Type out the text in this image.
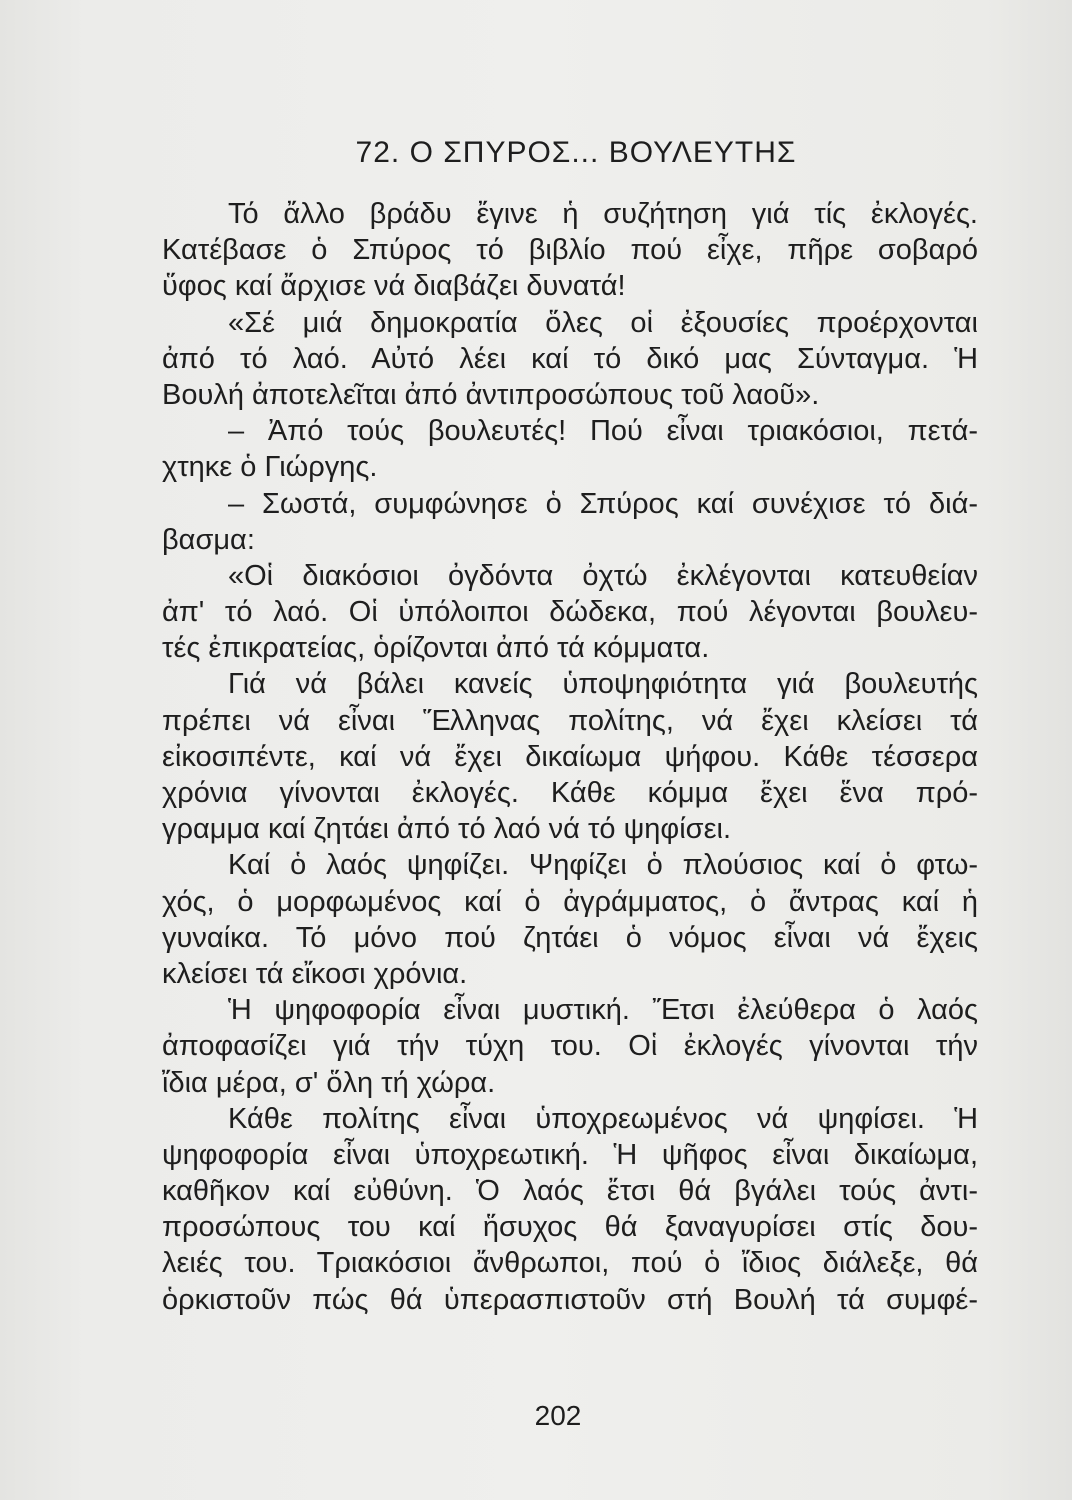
72. Ο ΣΠΥΡΟΣ... ΒΟΥΛΕΥΤΗΣ
Τό ἄλλο βράδυ ἔγινε ἡ συζήτηση γιά τίς ἐκλογές.
Κατέβασε ὁ Σπύρος τό βιβλίο πού εἶχε, πῆρε σοβαρό
ὕφος καί ἄρχισε νά διαβάζει δυνατά!
«Σέ μιά δημοκρατία ὅλες οἱ ἐξουσίες προέρχονται
ἀπό τό λαό. Αὐτό λέει καί τό δικό μας Σύνταγμα. Ἡ
Βουλή ἀποτελεῖται ἀπό ἀντιπροσώπους τοῦ λαοῦ».
– Ἀπό τούς βουλευτές! Πού εἶναι τριακόσιοι, πετά-
χτηκε ὁ Γιώργης.
– Σωστά, συμφώνησε ὁ Σπύρος καί συνέχισε τό διά-
βασμα:
«Οἱ διακόσιοι ὀγδόντα ὀχτώ ἐκλέγονται κατευθείαν
ἀπ' τό λαό. Οἱ ὑπόλοιποι δώδεκα, πού λέγονται βουλευ-
τές ἐπικρατείας, ὁρίζονται ἀπό τά κόμματα.
Γιά νά βάλει κανείς ὑποψηφιότητα γιά βουλευτής
πρέπει νά εἶναι Ἕλληνας πολίτης, νά ἔχει κλείσει τά
εἰκοσιπέντε, καί νά ἔχει δικαίωμα ψήφου. Κάθε τέσσερα
χρόνια γίνονται ἐκλογές. Κάθε κόμμα ἔχει ἕνα πρό-
γραμμα καί ζητάει ἀπό τό λαό νά τό ψηφίσει.
Καί ὁ λαός ψηφίζει. Ψηφίζει ὁ πλούσιος καί ὁ φτω-
χός, ὁ μορφωμένος καί ὁ ἀγράμματος, ὁ ἄντρας καί ἡ
γυναίκα. Τό μόνο πού ζητάει ὁ νόμος εἶναι νά ἔχεις
κλείσει τά εἴκοσι χρόνια.
Ἡ ψηφοφορία εἶναι μυστική. Ἔτσι ἐλεύθερα ὁ λαός
ἀποφασίζει γιά τήν τύχη του. Οἱ ἐκλογές γίνονται τήν
ἴδια μέρα, σ' ὅλη τή χώρα.
Κάθε πολίτης εἶναι ὑποχρεωμένος νά ψηφίσει. Ἡ
ψηφοφορία εἶναι ὑποχρεωτική. Ἡ ψῆφος εἶναι δικαίωμα,
καθῆκον καί εὐθύνη. Ὁ λαός ἔτσι θά βγάλει τούς ἀντι-
προσώπους του καί ἥσυχος θά ξαναγυρίσει στίς δου-
λειές του. Τριακόσιοι ἄνθρωποι, πού ὁ ἴδιος διάλεξε, θά
ὁρκιστοῦν πώς θά ὑπερασπιστοῦν στή Βουλή τά συμφέ-
202
